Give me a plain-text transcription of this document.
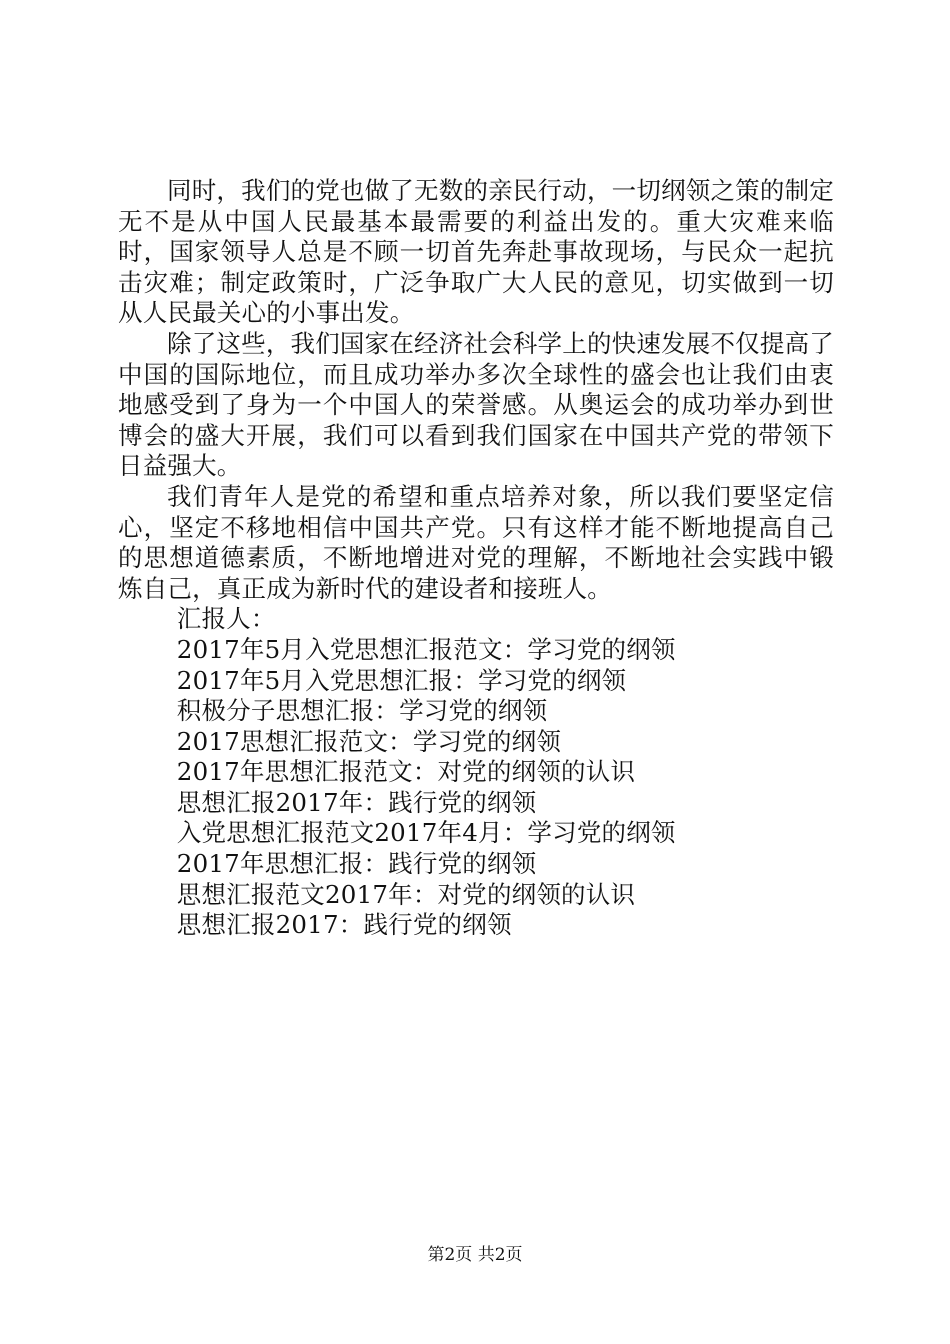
同时，我们的党也做了无数的亲民行动，一切纲领之策的制定无不是从中国人民最基本最需要的利益出发的。重大灾难来临时，国家领导人总是不顾一切首先奔赴事故现场，与民众一起抗击灾难；制定政策时，广泛争取广大人民的意见，切实做到一切从人民最关心的小事出发。

除了这些，我们国家在经济社会科学上的快速发展不仅提高了中国的国际地位，而且成功举办多次全球性的盛会也让我们由衷地感受到了身为一个中国人的荣誉感。从奥运会的成功举办到世博会的盛大开展，我们可以看到我们国家在中国共产党的带领下日益强大。

我们青年人是党的希望和重点培养对象，所以我们要坚定信心，坚定不移地相信中国共产党。只有这样才能不断地提高自己的思想道德素质，不断地增进对党的理解，不断地社会实践中锻炼自己，真正成为新时代的建设者和接班人。

汇报人：
2017年5月入党思想汇报范文：学习党的纲领
2017年5月入党思想汇报：学习党的纲领
积极分子思想汇报：学习党的纲领
2017思想汇报范文：学习党的纲领
2017年思想汇报范文：对党的纲领的认识
思想汇报2017年：践行党的纲领
入党思想汇报范文2017年4月：学习党的纲领
2017年思想汇报：践行党的纲领
思想汇报范文2017年：对党的纲领的认识
思想汇报2017：践行党的纲领
第2页 共2页
